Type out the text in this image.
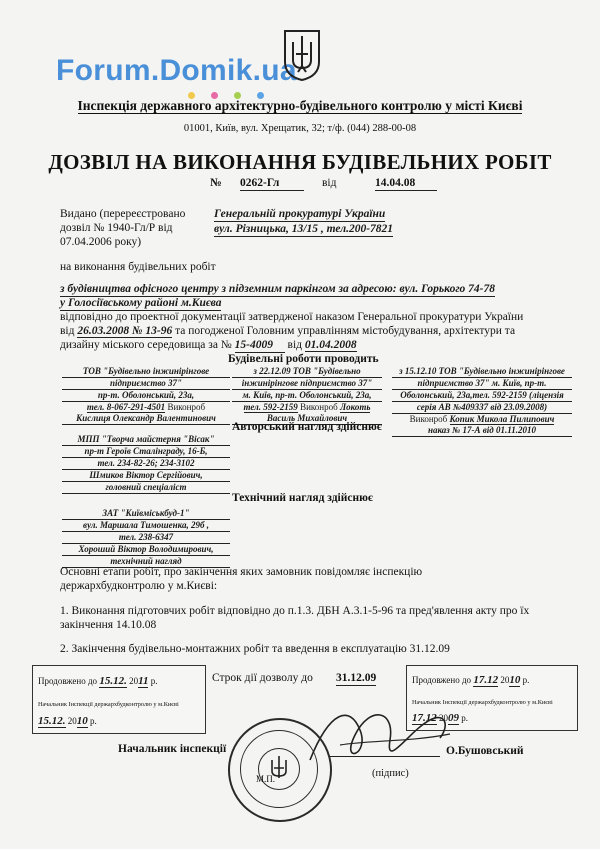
Forum.Domik.ua
Інспекція державного архітектурно-будівельного контролю у місті Києві
01001, Київ, вул. Хрещатик, 32; т/ф. (044) 288-00-08
ДОЗВІЛ НА ВИКОНАННЯ БУДІВЕЛЬНИХ РОБІТ
№ 0262-Гл	від	14.04.08
Видано (перереєстровано
дозвіл № 1940-Гл/Р від
07.04.2006 року)
Генеральній прокуратурі України
вул. Різницька, 13/15 , тел.200-7821
на виконання будівельних робіт
з будівництва офісного центру з підземним паркінгом за адресою: вул. Горького 74-78
у Голосіївському районі м.Києва
відповідно до проектної документації затвердженої наказом Генеральної прокуратури України
від 26.03.2008 № 13-96 та погодженої Головним управлінням містобудування, архітектури та
дизайну міського середовища за № 15-4009 від 01.04.2008
Будівельні роботи проводить
ТОВ "Будівельно інжинірінгове
підприємство 37"
пр-т. Оболонський, 23а,
тел. 8-067-291-4501 Виконроб
Кислиця Олександр Валентинович
з 22.12.09 ТОВ "Будівельно
інжинірінгове підприємство 37"
м. Київ, пр-т. Оболонський, 23а,
тел. 592-2159 Виконроб Локоть
Василь Михайлович
з 15.12.10 ТОВ "Будівельно інжинірінгове
підприємство 37" м. Київ, пр-т.
Оболонський, 23а,тел. 592-2159 (ліцензія
серія АВ №409337 від 23.09.2008)
Виконроб Копик Микола Пилипович
наказ № 17-А від 01.11.2010
Авторський нагляд здійснює
МПП "Творча майстерня "Вісак"
пр-т Героїв Сталінграду, 16-Б,
тел. 234-82-26; 234-3102
Шмиков Віктор Сергійович,
головний спеціаліст
Технічний нагляд здійснює
ЗАТ "Київміськбуд-1"
вул. Маршала Тимошенка, 29б ,
тел. 238-6347
Хороший Віктор Володимирович,
технічний нагляд
Основні етапи робіт, про закінчення яких замовник повідомляє інспекцію
держархбудконтролю у м.Києві:
1. Виконання підготовчих робіт відповідно до п.1.3. ДБН А.3.1-5-96 та пред'явлення акту про їх
закінчення 14.10.08
2. Закінчення будівельно-монтажних робіт та введення в експлуатацію 31.12.09
Строк дії дозволу до 31.12.09
Продовжено до 15.12. 2011 р.
Начальник Інспекції держархбудконтролю у м.Києві
15.12. 2010 р.
Продовжено до 17.12 2010 р.
Начальник Інспекції держархбудконтролю у м.Києві
17.12 2009 р.
М.П.
Начальник інспекції	О.Бушовський
(підпис)
